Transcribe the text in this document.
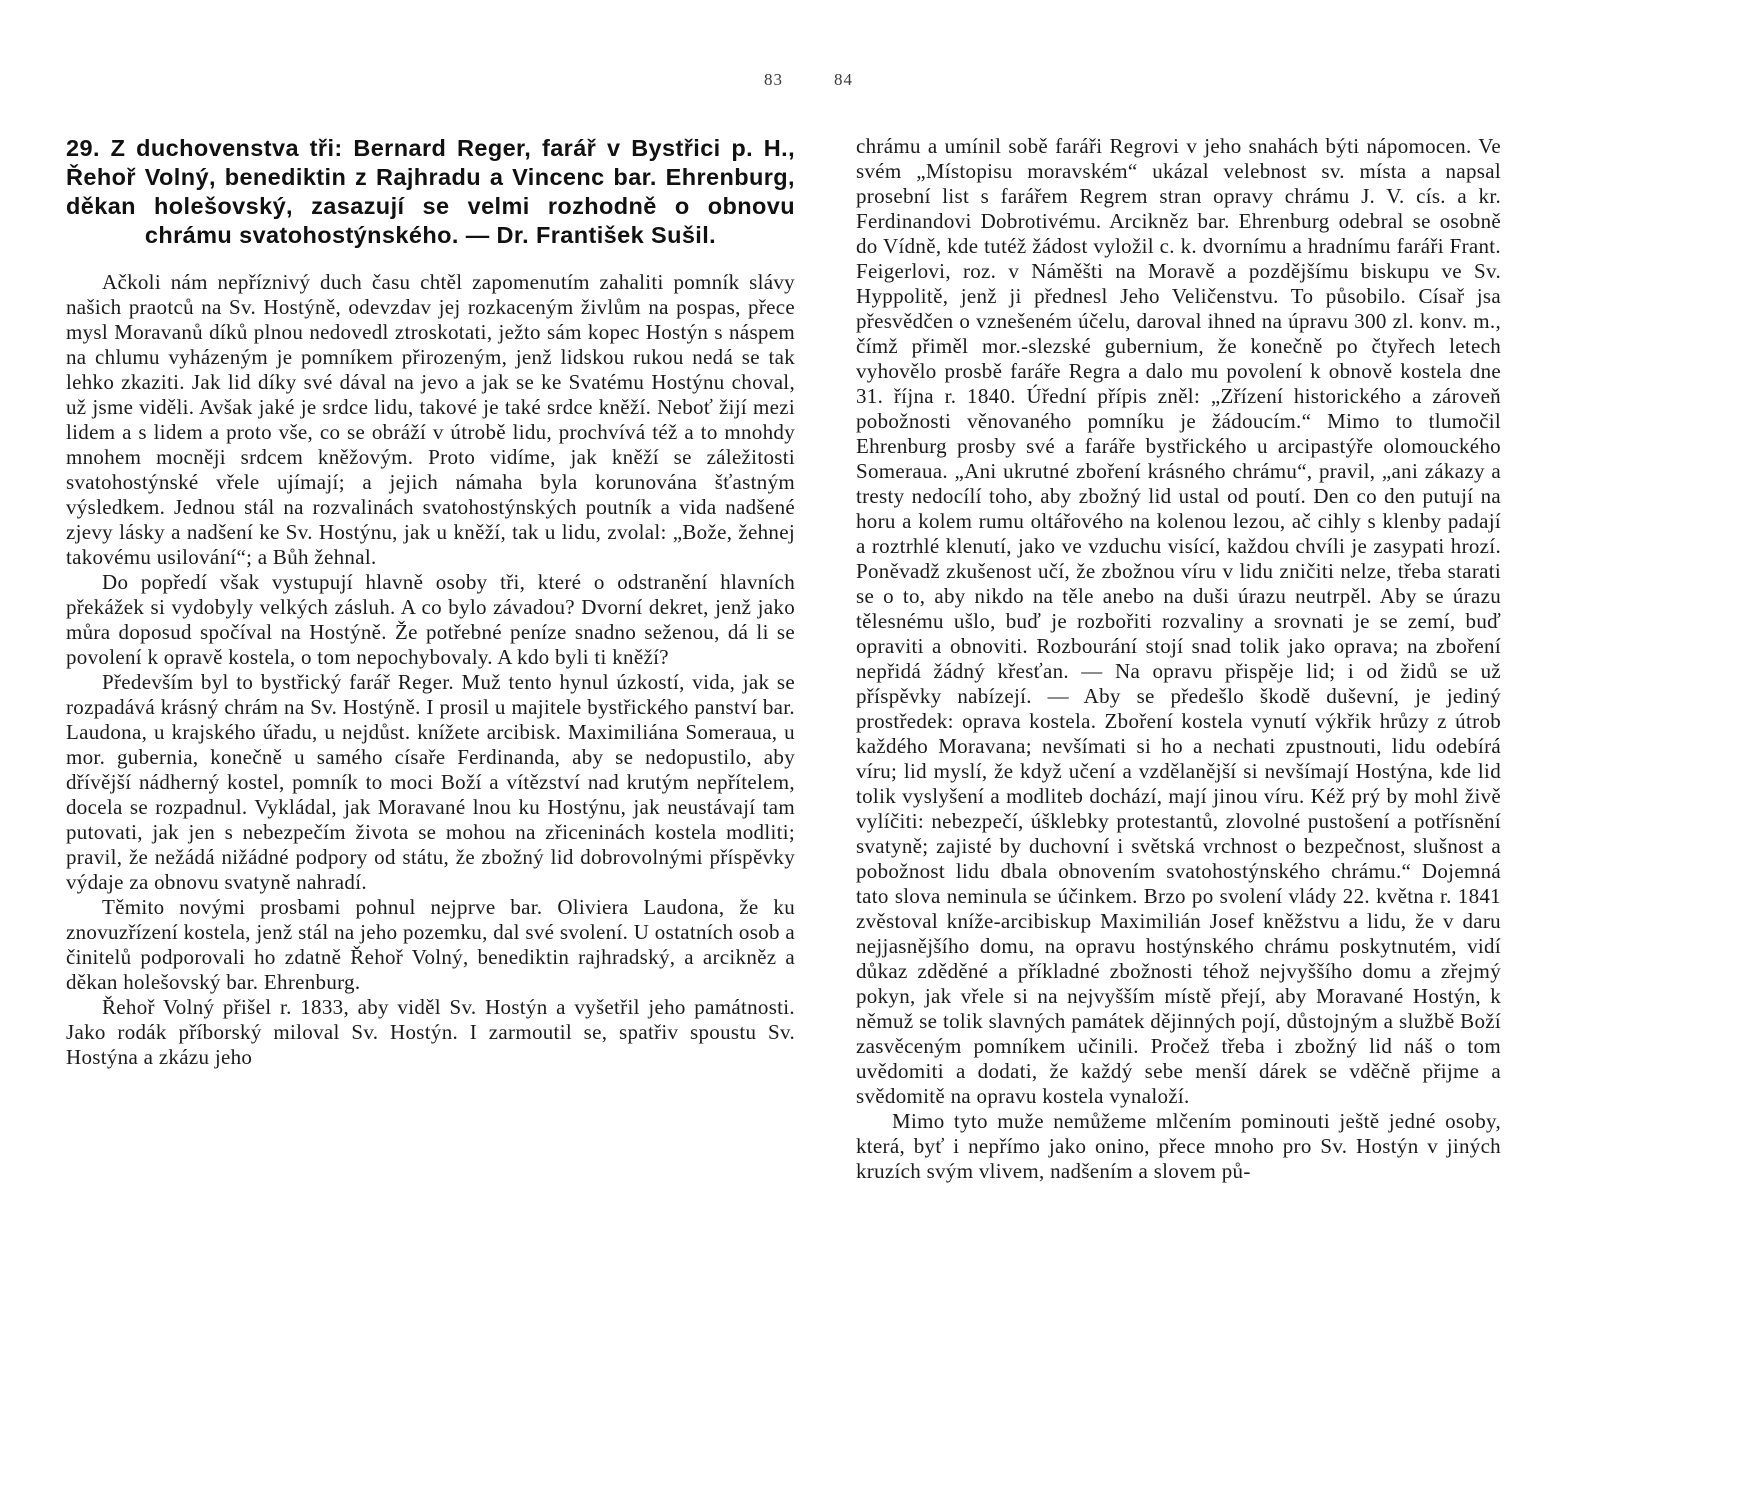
83	84
29. Z duchovenstva tři: Bernard Reger, farář v Bystřici p. H., Řehoř Volný, benediktin z Rajhradu a Vincenc bar. Ehrenburg, děkan holešovský, zasazují se velmi rozhodně o obnovu chrámu svatohostýnského. — Dr. František Sušil.

Ačkoli nám nepříznivý duch času chtěl zapomenutím zahaliti pomník slávy našich praotců na Sv. Hostýně, odevzdav jej rozkaceným živlům na pospas, přece mysl Moravanů díků plnou nedovedl ztroskotati, ježto sám kopec Hostýn s náspem na chlumu vyházeným je pomníkem přirozeným, jenž lidskou rukou nedá se tak lehko zkaziti. Jak lid díky své dával na jevo a jak se ke Svatému Hostýnu choval, už jsme viděli. Avšak jaké je srdce lidu, takové je také srdce kněží. Neboť žijí mezi lidem a s lidem a proto vše, co se obráží v útrobě lidu, prochvívá též a to mnohdy mnohem mocněji srdcem kněžovým. Proto vidíme, jak kněží se záležitosti svatohostýnské vřele ujímají; a jejich námaha byla korunována šťastným výsledkem. Jednou stál na rozvalinách svatohostýnských poutník a vida nadšené zjevy lásky a nadšení ke Sv. Hostýnu, jak u kněží, tak u lidu, zvolal: „Bože, žehnej takovému usilování“; a Bůh žehnal.

Do popředí však vystupují hlavně osoby tři, které o odstranění hlavních překážek si vydobyly velkých zásluh. A co bylo závadou? Dvorní dekret, jenž jako můra doposud spočíval na Hostýně. Že potřebné peníze snadno seženou, dá li se povolení k opravě kostela, o tom nepochybovaly. A kdo byli ti kněží?

Především byl to bystřický farář Reger. Muž tento hynul úzkostí, vida, jak se rozpadává krásný chrám na Sv. Hostýně. I prosil u majitele bystřického panství bar. Laudona, u krajského úřadu, u nejdůst. knížete arcibisk. Maximiliána Someraua, u mor. gubernia, konečně u samého císaře Ferdinanda, aby se nedopustilo, aby dřívější nádherný kostel, pomník to moci Boží a vítězství nad krutým nepřítelem, docela se rozpadnul. Vykládal, jak Moravané lnou ku Hostýnu, jak neustávají tam putovati, jak jen s nebezpečím života se mohou na zřiceninách kostela modliti; pravil, že nežádá nižádné podpory od státu, že zbožný lid dobrovolnými příspěvky výdaje za obnovu svatyně nahradí.

Těmito novými prosbami pohnul nejprve bar. Oliviera Laudona, že ku znovuzřízení kostela, jenž stál na jeho pozemku, dal své svolení. U ostatních osob a činitelů podporovali ho zdatně Řehoř Volný, benediktin rajhradský, a arcikněz a děkan holešovský bar. Ehrenburg.

Řehoř Volný přišel r. 1833, aby viděl Sv. Hostýn a vyšetřil jeho památnosti. Jako rodák příborský miloval Sv. Hostýn. I zarmoutil se, spatřiv spoustu Sv. Hostýna a zkázu jeho

chrámu a umínil sobě faráři Regrovi v jeho snahách býti nápomocen. Ve svém „Místopisu moravském“ ukázal velebnost sv. místa a napsal prosební list s farářem Regrem stran opravy chrámu J. V. cís. a kr. Ferdinandovi Dobrotivému. Arcikněz bar. Ehrenburg odebral se osobně do Vídně, kde tutéž žádost vyložil c. k. dvornímu a hradnímu faráři Frant. Feigerlovi, roz. v Náměšti na Moravě a pozdějšímu biskupu ve Sv. Hyppolitě, jenž ji přednesl Jeho Veličenstvu. To působilo. Císař jsa přesvědčen o vznešeném účelu, daroval ihned na úpravu 300 zl. konv. m., čímž přiměl mor.-slezské gubernium, že konečně po čtyřech letech vyhovělo prosbě faráře Regra a dalo mu povolení k obnově kostela dne 31. října r. 1840. Úřední přípis zněl: „Zřízení historického a zároveň pobožnosti věnovaného pomníku je žádoucím.“ Mimo to tlumočil Ehrenburg prosby své a faráře bystřického u arcipastýře olomouckého Someraua. „Ani ukrutné zboření krásného chrámu“, pravil, „ani zákazy a tresty nedocílí toho, aby zbožný lid ustal od poutí. Den co den putují na horu a kolem rumu oltářového na kolenou lezou, ač cihly s klenby padají a roztrhlé klenutí, jako ve vzduchu visící, každou chvíli je zasypati hrozí. Poněvadž zkušenost učí, že zbožnou víru v lidu zničiti nelze, třeba starati se o to, aby nikdo na těle anebo na duši úrazu neutrpěl. Aby se úrazu tělesnému ušlo, buď je rozbořiti rozvaliny a srovnati je se zemí, buď opraviti a obnoviti. Rozbourání stojí snad tolik jako oprava; na zboření nepřidá žádný křesťan. — Na opravu přispěje lid; i od židů se už příspěvky nabízejí. — Aby se předešlo škodě duševní, je jediný prostředek: oprava kostela. Zboření kostela vynutí výkřik hrůzy z útrob každého Moravana; nevšímati si ho a nechati zpustnouti, lidu odebírá víru; lid myslí, že když učení a vzdělanější si nevšímají Hostýna, kde lid tolik vyslyšení a modliteb dochází, mají jinou víru. Kéž prý by mohl živě vylíčiti: nebezpečí, úšklebky protestantů, zlovolné pustošení a potřísnění svatyně; zajisté by duchovní i světská vrchnost o bezpečnost, slušnost a pobožnost lidu dbala obnovením svatohostýnského chrámu.“ Dojemná tato slova neminula se účinkem. Brzo po svolení vlády 22. května r. 1841 zvěstoval kníže-arcibiskup Maximilián Josef kněžstvu a lidu, že v daru nejjasnějšího domu, na opravu hostýnského chrámu poskytnutém, vidí důkaz zděděné a příkladné zbožnosti téhož nejvyššího domu a zřejmý pokyn, jak vřele si na nejvyšším místě přejí, aby Moravané Hostýn, k němuž se tolik slavných památek dějinných pojí, důstojným a službě Boží zasvěceným pomníkem učinili. Pročež třeba i zbožný lid náš o tom uvědomiti a dodati, že každý sebe menší dárek se vděčně přijme a svědomitě na opravu kostela vynaloží.

Mimo tyto muže nemůžeme mlčením pominouti ještě jedné osoby, která, byť i nepřímo jako onino, přece mnoho pro Sv. Hostýn v jiných kruzích svým vlivem, nadšením a slovem pů-
